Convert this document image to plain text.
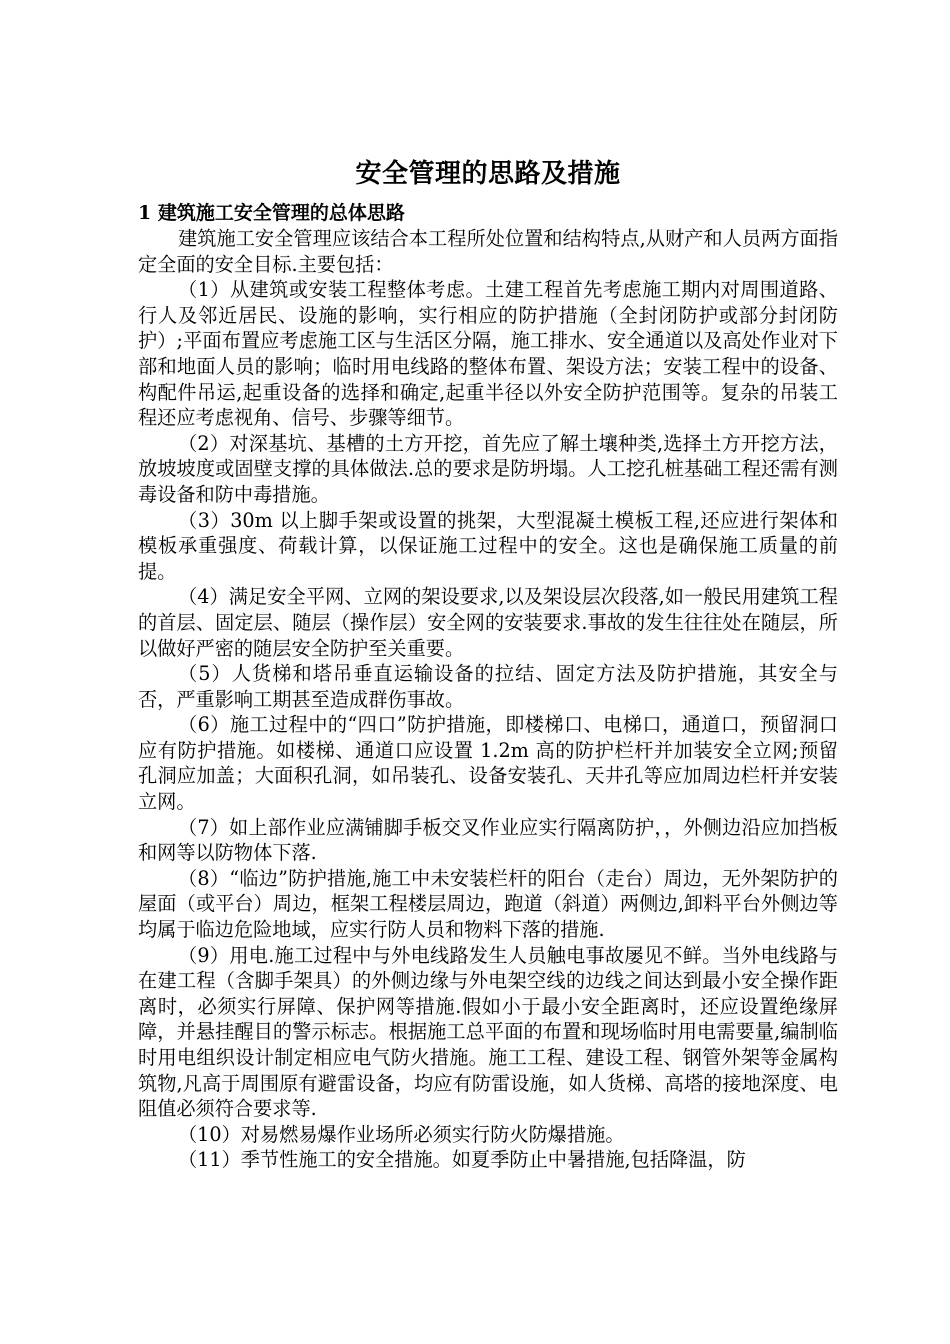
安全管理的思路及措施
1 建筑施工安全管理的总体思路

建筑施工安全管理应该结合本工程所处位置和结构特点,从财产和人员两方面指定全面的安全目标.主要包括：

（1）从建筑或安装工程整体考虑。土建工程首先考虑施工期内对周围道路、行人及邻近居民、设施的影响，实行相应的防护措施（全封闭防护或部分封闭防护）;平面布置应考虑施工区与生活区分隔，施工排水、安全通道以及高处作业对下部和地面人员的影响；临时用电线路的整体布置、架设方法；安装工程中的设备、构配件吊运,起重设备的选择和确定,起重半径以外安全防护范围等。复杂的吊装工程还应考虑视角、信号、步骤等细节。

（2）对深基坑、基槽的土方开挖，首先应了解土壤种类,选择土方开挖方法，放坡坡度或固壁支撑的具体做法.总的要求是防坍塌。人工挖孔桩基础工程还需有测毒设备和防中毒措施。

（3）30m 以上脚手架或设置的挑架，大型混凝土模板工程,还应进行架体和模板承重强度、荷载计算，以保证施工过程中的安全。这也是确保施工质量的前提。

（4）满足安全平网、立网的架设要求,以及架设层次段落,如一般民用建筑工程的首层、固定层、随层（操作层）安全网的安装要求.事故的发生往往处在随层，所以做好严密的随层安全防护至关重要。

（5）人货梯和塔吊垂直运输设备的拉结、固定方法及防护措施，其安全与否，严重影响工期甚至造成群伤事故。

（6）施工过程中的“四口”防护措施，即楼梯口、电梯口，通道口，预留洞口应有防护措施。如楼梯、通道口应设置 1.2m 高的防护栏杆并加装安全立网;预留孔洞应加盖；大面积孔洞，如吊装孔、设备安装孔、天井孔等应加周边栏杆并安装立网。

（7）如上部作业应满铺脚手板交叉作业应实行隔离防护，，外侧边沿应加挡板和网等以防物体下落.

（8）“临边”防护措施,施工中未安装栏杆的阳台（走台）周边，无外架防护的屋面（或平台）周边，框架工程楼层周边，跑道（斜道）两侧边,卸料平台外侧边等均属于临边危险地域，应实行防人员和物料下落的措施.

（9）用电.施工过程中与外电线路发生人员触电事故屡见不鲜。当外电线路与在建工程（含脚手架具）的外侧边缘与外电架空线的边线之间达到最小安全操作距离时，必须实行屏障、保护网等措施.假如小于最小安全距离时，还应设置绝缘屏障，并悬挂醒目的警示标志。根据施工总平面的布置和现场临时用电需要量,编制临时用电组织设计制定相应电气防火措施。施工工程、建设工程、钢管外架等金属构筑物,凡高于周围原有避雷设备，均应有防雷设施，如人货梯、高塔的接地深度、电阻值必须符合要求等.

（10）对易燃易爆作业场所必须实行防火防爆措施。

（11）季节性施工的安全措施。如夏季防止中暑措施,包括降温，防
